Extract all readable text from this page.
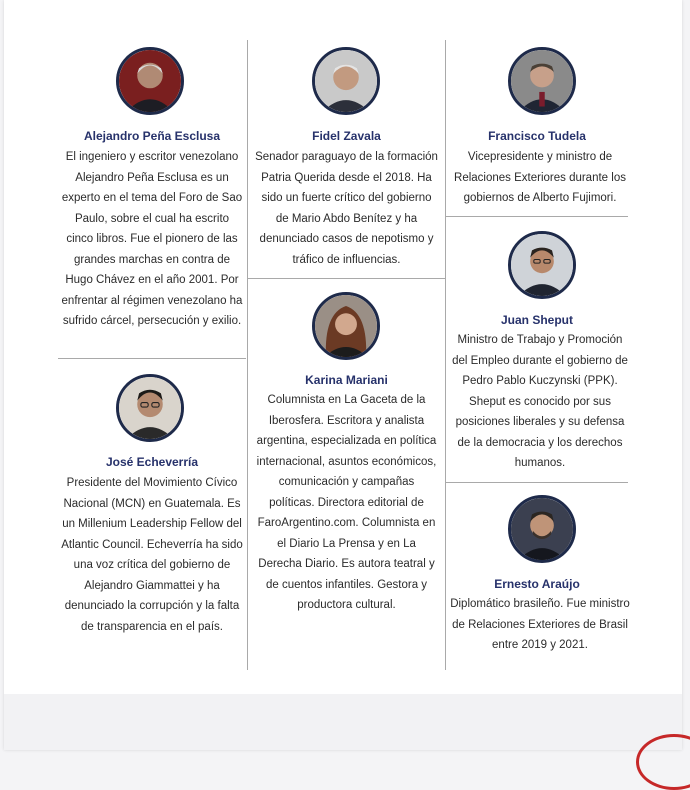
Alejandro Peña Esclusa
El ingeniero y escritor venezolano Alejandro Peña Esclusa es un experto en el tema del Foro de Sao Paulo, sobre el cual ha escrito cinco libros. Fue el pionero de las grandes marchas en contra de Hugo Chávez en el año 2001. Por enfrentar al régimen venezolano ha sufrido cárcel, persecución y exilio.
Fidel Zavala
Senador paraguayo de la formación Patria Querida desde el 2018. Ha sido un fuerte crítico del gobierno de Mario Abdo Benítez y ha denunciado casos de nepotismo y tráfico de influencias.
Francisco Tudela
Vicepresidente y ministro de Relaciones Exteriores durante los gobiernos de Alberto Fujimori.
José Echeverría
Presidente del Movimiento Cívico Nacional (MCN) en Guatemala. Es un Millenium Leadership Fellow del Atlantic Council. Echeverría ha sido una voz crítica del gobierno de Alejandro Giammattei y ha denunciado la corrupción y la falta de transparencia en el país.
Karina Mariani
Columnista en La Gaceta de la Iberosfera. Escritora y analista argentina, especializada en política internacional, asuntos económicos, comunicación y campañas políticas. Directora editorial de FaroArgentino.com. Columnista en el Diario La Prensa y en La Derecha Diario. Es autora teatral y de cuentos infantiles. Gestora y productora cultural.
Juan Sheput
Ministro de Trabajo y Promoción del Empleo durante el gobierno de Pedro Pablo Kuczynski (PPK). Sheput es conocido por sus posiciones liberales y su defensa de la democracia y los derechos humanos.
Ernesto Araújo
Diplomático brasileño. Fue ministro de Relaciones Exteriores de Brasil entre 2019 y 2021.
